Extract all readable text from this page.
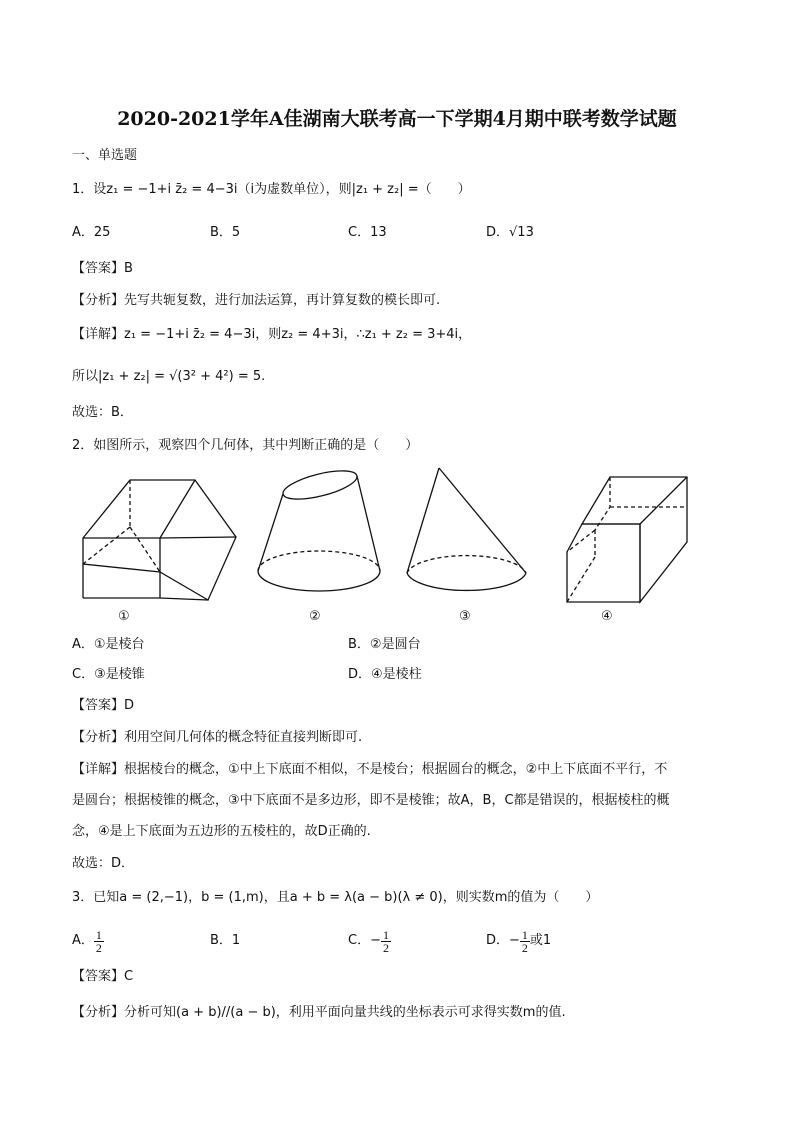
2020-2021学年A佳湖南大联考高一下学期4月期中联考数学试题
一、单选题
1．设z₁ = −1+i z̄₂ = 4−3i（i为虚数单位），则|z₁ + z₂| =（　　）
A．25	B．5	C．13	D．√13
【答案】B
【分析】先写共轭复数，进行加法运算，再计算复数的模长即可.
【详解】z₁ = −1+i z̄₂ = 4−3i，则z₂ = 4+3i，∴z₁ + z₂ = 3+4i，
所以|z₁ + z₂| = √(3² + 4²) = 5.
故选：B．
2．如图所示，观察四个几何体，其中判断正确的是（　　）
①	②	③	④
A．①是棱台	B．②是圆台
C．③是棱锥	D．④是棱柱
【答案】D
【分析】利用空间几何体的概念特征直接判断即可.
【详解】根据棱台的概念，①中上下底面不相似，不是棱台；根据圆台的概念，②中上下底面不平行，不
是圆台；根据棱锥的概念，③中下底面不是多边形，即不是棱锥；故A，B，C都是错误的，根据棱柱的概
念，④是上下底面为五边形的五棱柱的，故D正确的.
故选：D．
3．已知a = (2,−1)，b = (1,m)，且a + b = λ(a − b)(λ ≠ 0)，则实数m的值为（　　）
A． $\frac{1}{2}$	B．1	C．− $\frac{1}{2}$	D．− $\frac{1}{2}$ 或1
【答案】C
【分析】分析可知(a + b)//(a − b)，利用平面向量共线的坐标表示可求得实数m的值.
